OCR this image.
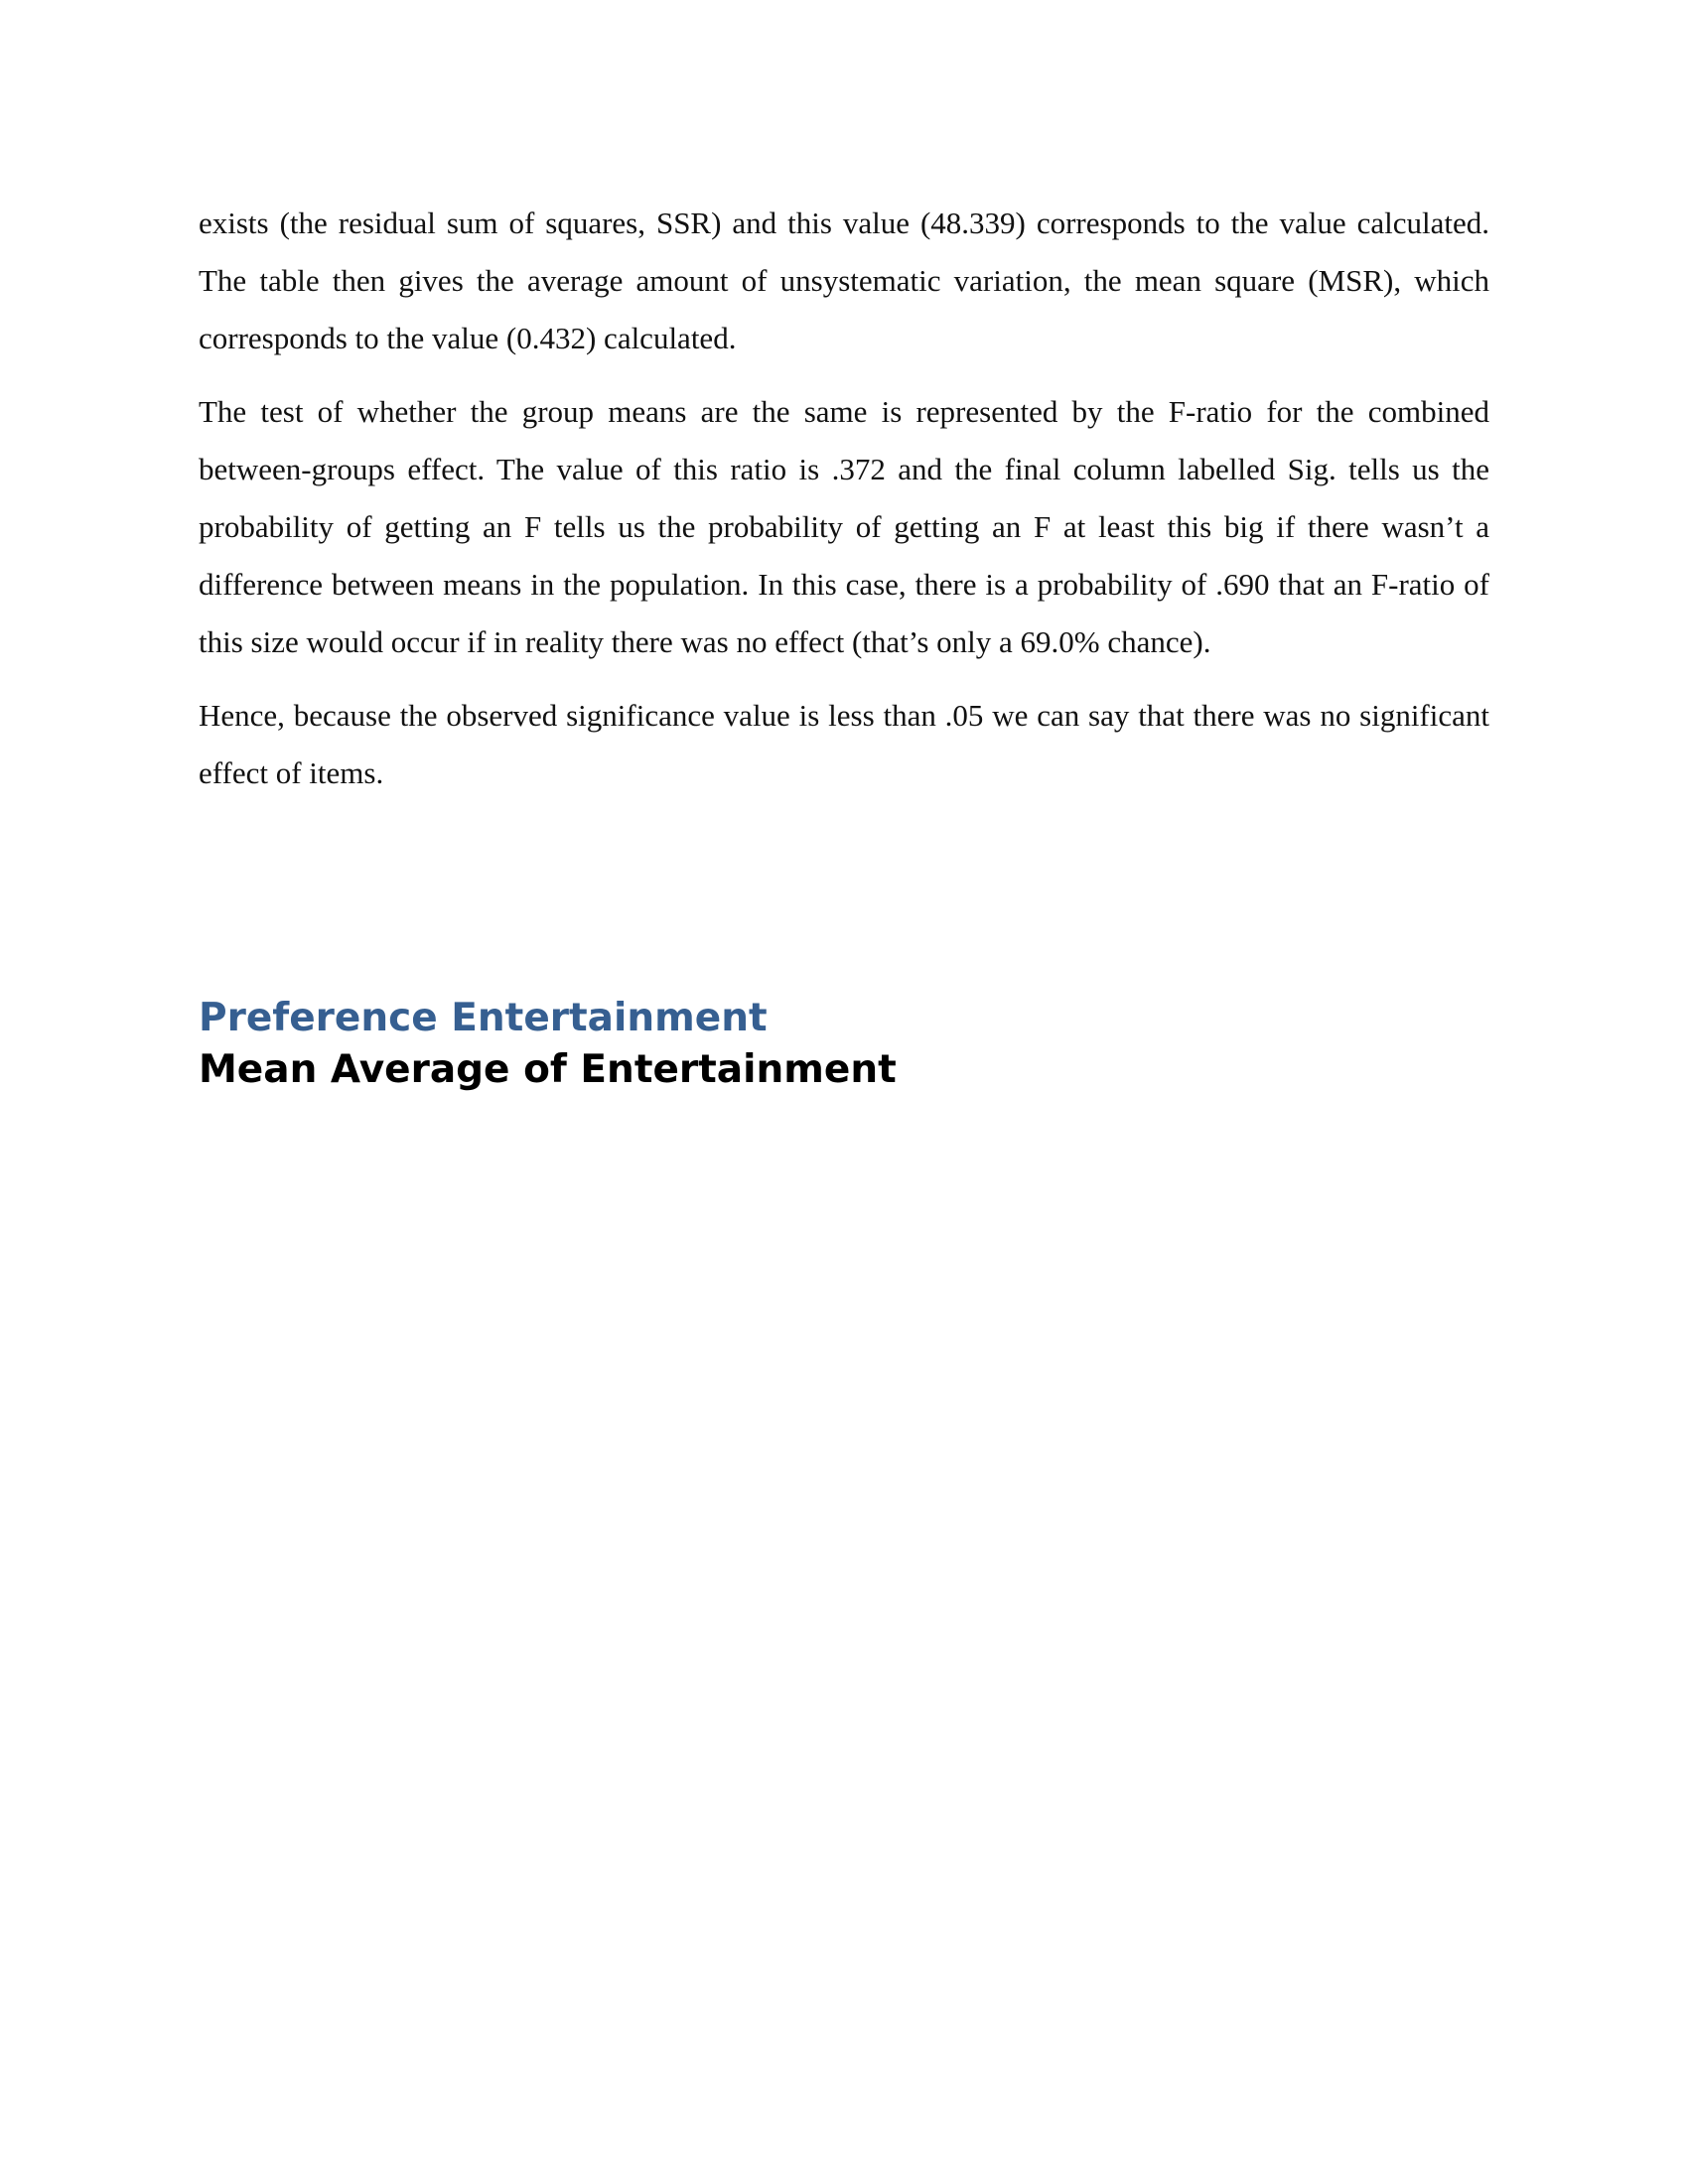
exists (the residual sum of squares, SSR) and this value (48.339) corresponds to the value calculated. The table then gives the average amount of unsystematic variation, the mean square (MSR), which corresponds to the value (0.432) calculated.

The test of whether the group means are the same is represented by the F-ratio for the combined between-groups effect. The value of this ratio is .372 and the final column labelled Sig. tells us the probability of getting an F tells us the probability of getting an F at least this big if there wasn’t a difference between means in the population. In this case, there is a probability of .690 that an F-ratio of this size would occur if in reality there was no effect (that’s only a 69.0% chance).

Hence, because the observed significance value is less than .05 we can say that there was no significant effect of items.

Preference Entertainment
Mean Average of Entertainment
